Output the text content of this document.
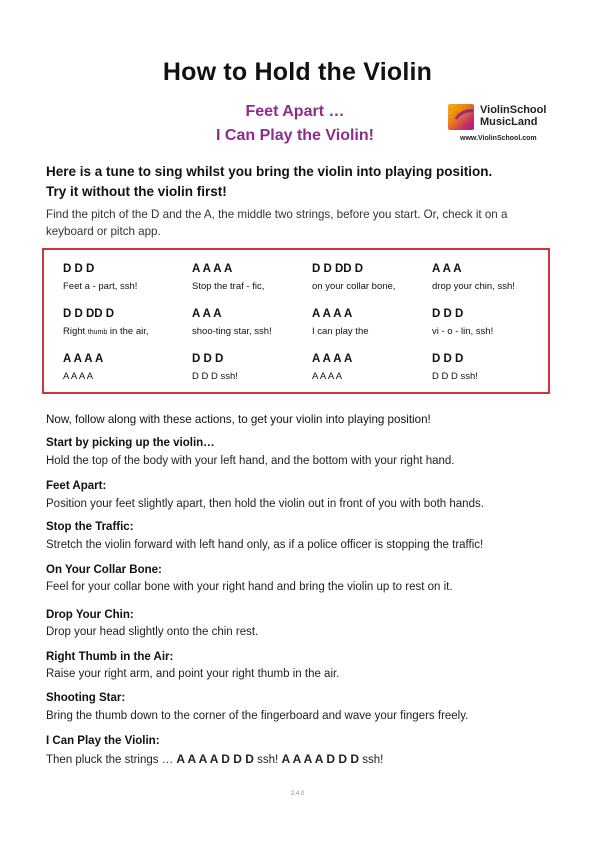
How to Hold the Violin
Feet Apart …
I Can Play the Violin!
ViolinSchool
MusicLand
www.ViolinSchool.com
Here is a tune to sing whilst you bring the violin into playing position.
Try it without the violin first!
Find the pitch of the D and the A, the middle two strings, before you start. Or, check it on a
keyboard or pitch app.
D D D	A A A A	D D DD D	A A A
Feet a - part, ssh!	Stop the traf - fic,	on your collar bone,	drop your chin, ssh!
D D DD D	A A A	A A A A	D D D
Right thumb in the air,	shoo-ting star, ssh!	I can play the	vi - o - lin, ssh!
A A A A	D D D	A A A A	D D D
A A A A	D D D ssh!	A A A A	D D D ssh!
Now, follow along with these actions, to get your violin into playing position!
Start by picking up the violin…
Hold the top of the body with your left hand, and the bottom with your right hand.
Feet Apart:
Position your feet slightly apart, then hold the violin out in front of you with both hands.
Stop the Traffic:
Stretch the violin forward with left hand only, as if a police officer is stopping the traffic!
On Your Collar Bone:
Feel for your collar bone with your right hand and bring the violin up to rest on it.
Drop Your Chin:
Drop your head slightly onto the chin rest.
Right Thumb in the Air:
Raise your right arm, and point your right thumb in the air.
Shooting Star:
Bring the thumb down to the corner of the fingerboard and wave your fingers freely.
I Can Play the Violin:
Then pluck the strings … A A A A D D D ssh! A A A A D D D ssh!
2.4.0
